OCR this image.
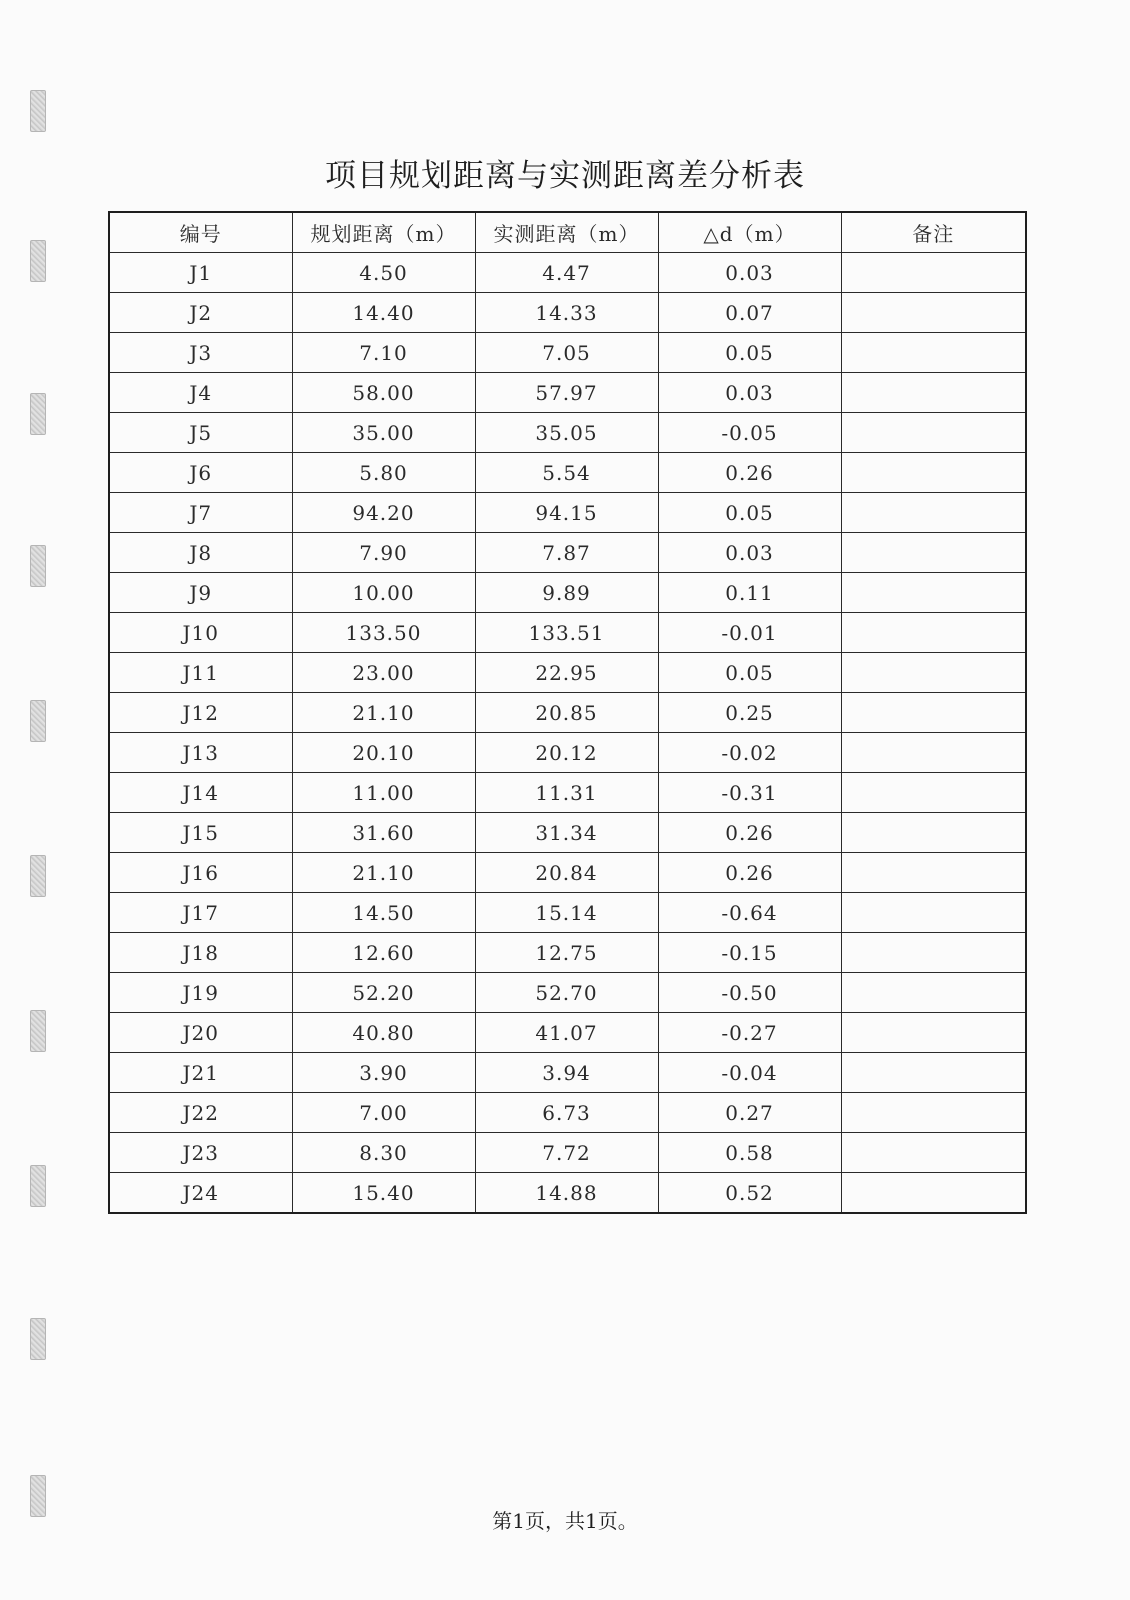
项目规划距离与实测距离差分析表
编号	规划距离（m）	实测距离（m）	△d（m）	备注
J1	4.50	4.47	0.03	
J2	14.40	14.33	0.07	
J3	7.10	7.05	0.05	
J4	58.00	57.97	0.03	
J5	35.00	35.05	-0.05	
J6	5.80	5.54	0.26	
J7	94.20	94.15	0.05	
J8	7.90	7.87	0.03	
J9	10.00	9.89	0.11	
J10	133.50	133.51	-0.01	
J11	23.00	22.95	0.05	
J12	21.10	20.85	0.25	
J13	20.10	20.12	-0.02	
J14	11.00	11.31	-0.31	
J15	31.60	31.34	0.26	
J16	21.10	20.84	0.26	
J17	14.50	15.14	-0.64	
J18	12.60	12.75	-0.15	
J19	52.20	52.70	-0.50	
J20	40.80	41.07	-0.27	
J21	3.90	3.94	-0.04	
J22	7.00	6.73	0.27	
J23	8.30	7.72	0.58	
J24	15.40	14.88	0.52	
第1页，共1页。
